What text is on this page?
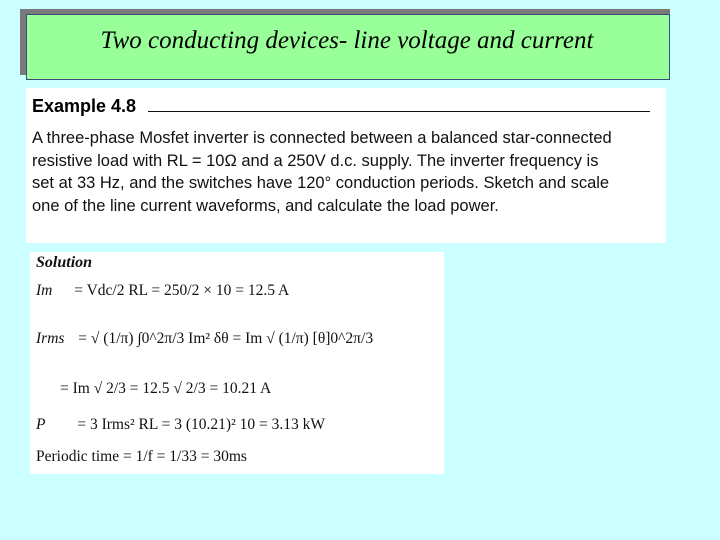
Two conducting devices- line voltage and current
Example 4.8
A three-phase Mosfet inverter is connected between a balanced star-connected
resistive load with RL = 10Ω and a 250V d.c. supply. The inverter frequency is
set at 33 Hz, and the switches have 120° conduction periods. Sketch and scale
one of the line current waveforms, and calculate the load power.
Solution
Im = Vdc/2 RL = 250/2 × 10 = 12.5 A
Irms = √ (1/π) ∫0^2π/3 Im² δθ = Im √ (1/π) [θ]0^2π/3
= Im √ 2/3 = 12.5 √ 2/3 = 10.21 A
P = 3 Irms² RL = 3 (10.21)² 10 = 3.13 kW
Periodic time = 1/f = 1/33 = 30ms
